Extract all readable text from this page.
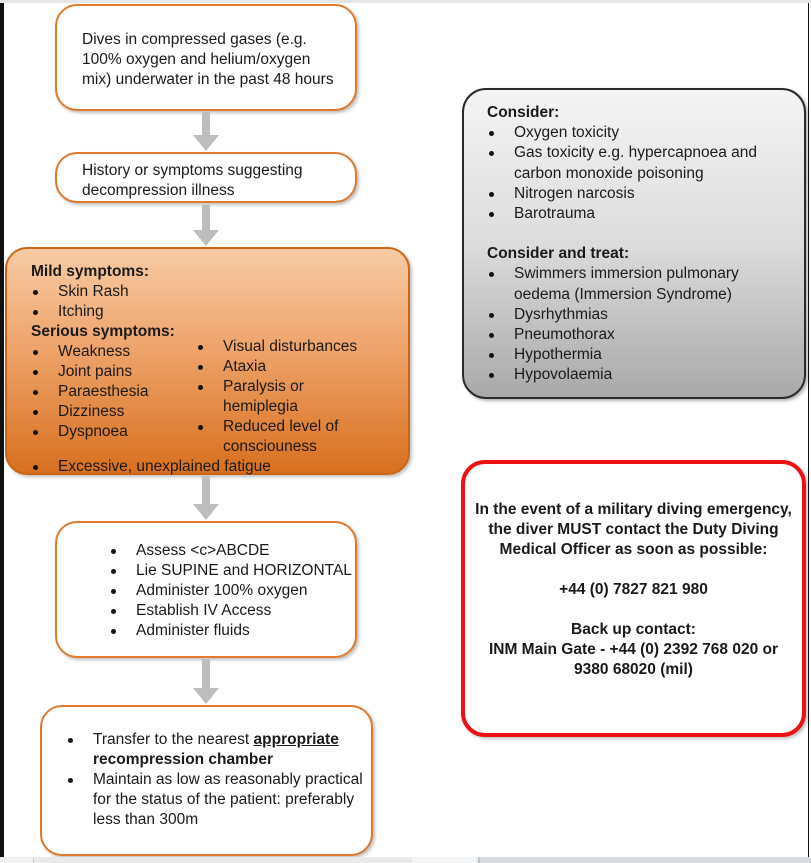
Dives in compressed gases (e.g.

100% oxygen and helium/oxygen

mix) underwater in the past 48 hours

History or symptoms suggesting

decompression illness

Mild symptoms:
Skin Rash
Itching
Serious symptoms:
Weakness
Joint pains
Paraesthesia
Dizziness
Dyspnoea
Visual disturbances
Ataxia
Paralysis or hemiplegia
Reduced level of consciouness
Excessive, unexplained fatigue
Assess <c>ABCDE
Lie SUPINE and HORIZONTAL
Administer 100% oxygen
Establish IV Access
Administer fluids
Transfer to the nearest appropriate
recompression chamber
Maintain as low as reasonably practical for the status of the patient: preferably less than 300m
Consider:
Oxygen toxicity
Gas toxicity e.g. hypercapnoea and carbon monoxide poisoning
Nitrogen narcosis
Barotrauma
Consider and treat:
Swimmers immersion pulmonary oedema (Immersion Syndrome)
Dysrhythmias
Pneumothorax
Hypothermia
Hypovolaemia

In the event of a military diving emergency, the diver MUST contact the Duty Diving Medical Officer as soon as possible:

+44 (0) 7827 821 980

Back up contact:

INM Main Gate - +44 (0) 2392 768 020 or

9380 68020 (mil)
